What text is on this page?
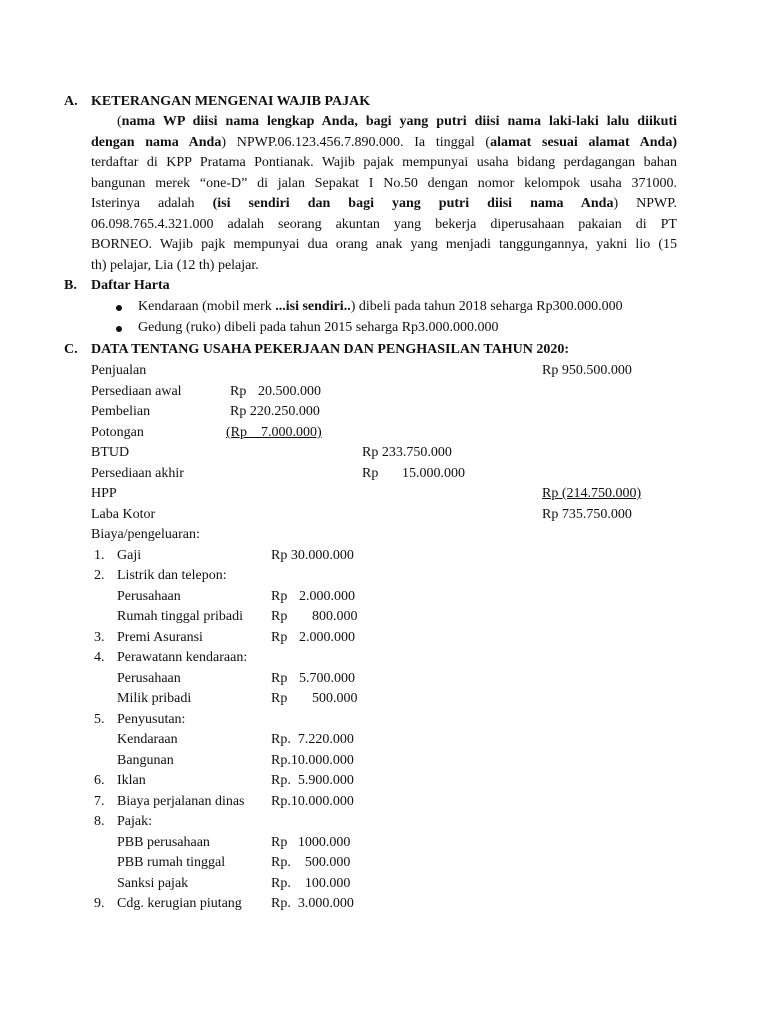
A. KETERANGAN MENGENAI WAJIB PAJAK
(nama WP diisi nama lengkap Anda, bagi yang putri diisi nama laki-laki lalu diikuti
dengan nama Anda) NPWP.06.123.456.7.890.000. Ia tinggal (alamat sesuai alamat Anda)
terdaftar di KPP Pratama Pontianak. Wajib pajak mempunyai usaha bidang perdagangan bahan
bangunan merek “one-D” di jalan Sepakat I No.50 dengan nomor kelompok usaha 371000.
Isterinya adalah (isi sendiri dan bagi yang putri diisi nama Anda) NPWP.
06.098.765.4.321.000 adalah seorang akuntan yang bekerja diperusahaan pakaian di PT
BORNEO. Wajib pajk mempunyai dua orang anak yang menjadi tanggungannya, yakni lio (15
th) pelajar, Lia (12 th) pelajar.
B. Daftar Harta
Kendaraan (mobil merk ...isi sendiri..) dibeli pada tahun 2018 seharga Rp300.000.000
Gedung (ruko) dibeli pada tahun 2015 seharga Rp3.000.000.000
C. DATA TENTANG USAHA PEKERJAAN DAN PENGHASILAN TAHUN 2020:
Penjualan	Rp 950.500.000
Persediaan awal	Rp 20.500.000
Pembelian	Rp 220.250.000
Potongan	(Rp    7.000.000)
BTUD	Rp 233.750.000
Persediaan akhir	Rp 15.000.000
HPP	Rp (214.750.000)
Laba Kotor	Rp 735.750.000
Biaya/pengeluaran:
1. Gaji	Rp 30.000.000
2. Listrik dan telepon:
Perusahaan	Rp 2.000.000
Rumah tinggal pribadi Rp 800.000
3. Premi Asuransi	Rp 2.000.000
4. Perawatann kendaraan:
Perusahaan	Rp 5.700.000
Milik pribadi	Rp 500.000
5. Penyusutan:
Kendaraan	Rp.  7.220.000
Bangunan	Rp.10.000.000
6. Iklan	Rp.  5.900.000
7. Biaya perjalanan dinas Rp.10.000.000
8. Pajak:
PBB perusahaan	Rp   1000.000
PBB rumah tinggal	Rp.    500.000
Sanksi pajak	Rp.    100.000
9. Cdg. kerugian piutang Rp.  3.000.000
